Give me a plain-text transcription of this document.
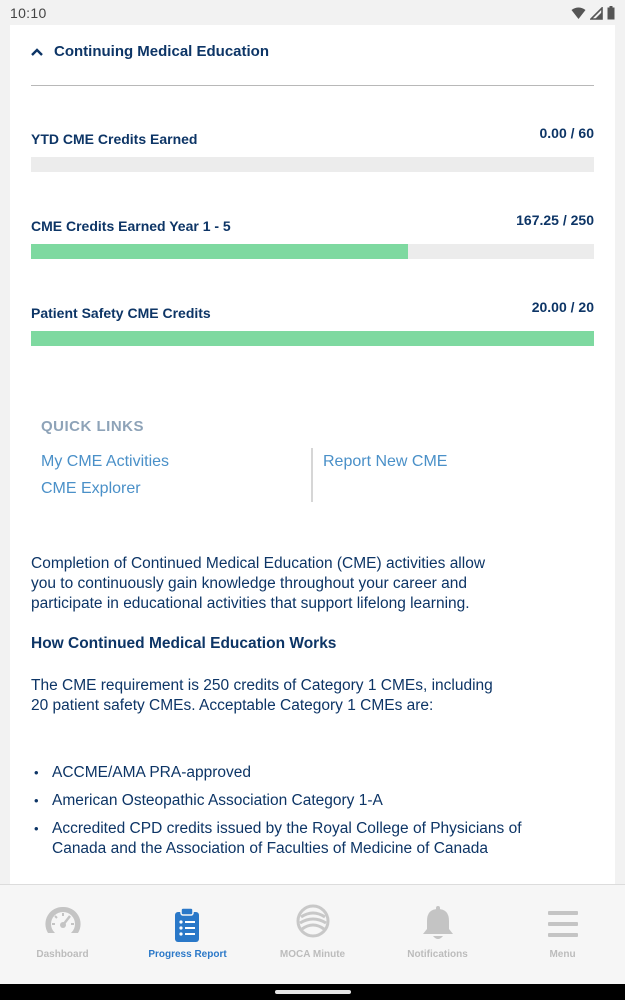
10:10
Continuing Medical Education
YTD CME Credits Earned	0.00 / 60
CME Credits Earned Year 1 - 5	167.25 / 250
Patient Safety CME Credits	20.00 / 20
QUICK LINKS
My CME Activities
CME Explorer
Report New CME
Completion of Continued Medical Education (CME) activities allow
you to continuously gain knowledge throughout your career and
participate in educational activities that support lifelong learning.
How Continued Medical Education Works
The CME requirement is 250 credits of Category 1 CMEs, including
20 patient safety CMEs. Acceptable Category 1 CMEs are:
• ACCME/AMA PRA-approved
• American Osteopathic Association Category 1-A
• Accredited CPD credits issued by the Royal College of Physicians of
Canada and the Association of Faculties of Medicine of Canada
Dashboard	Progress Report	MOCA Minute	Notifications	Menu
